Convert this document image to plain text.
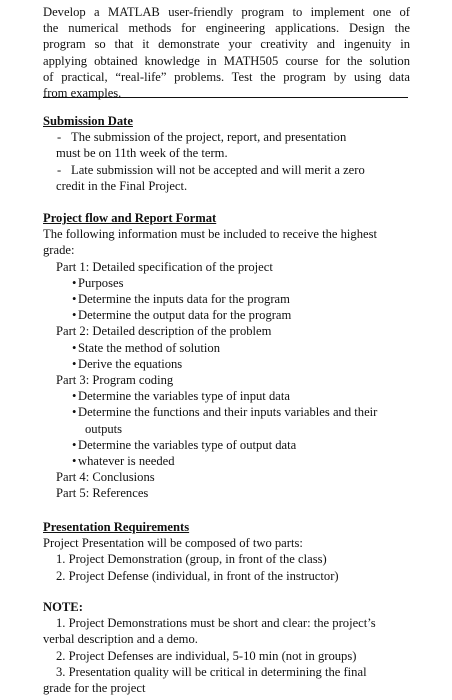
Develop a MATLAB user-friendly program to implement one of
the numerical methods for engineering applications. Design the
program so that it demonstrate your creativity and ingenuity in
applying obtained knowledge in MATH505 course for the solution
of practical, “real-life” problems. Test the program by using data
from examples.
Submission Date
- The submission of the project, report, and presentation
must be on 11th week of the term.
- Late submission will not be accepted and will merit a zero
credit in the Final Project.
Project flow and Report Format
The following information must be included to receive the highest
grade:
Part 1: Detailed specification of the project
• Purposes
• Determine the inputs data for the program
• Determine the output data for the program
Part 2: Detailed description of the problem
• State the method of solution
• Derive the equations
Part 3: Program coding
• Determine the variables type of input data
• Determine the functions and their inputs variables and their
outputs
• Determine the variables type of output data
• whatever is needed
Part 4: Conclusions
Part 5: References
Presentation Requirements
Project Presentation will be composed of two parts:
1. Project Demonstration (group, in front of the class)
2. Project Defense (individual, in front of the instructor)
NOTE:
1. Project Demonstrations must be short and clear: the project’s
verbal description and a demo.
2. Project Defenses are individual, 5-10 min (not in groups)
3. Presentation quality will be critical in determining the final
grade for the project
